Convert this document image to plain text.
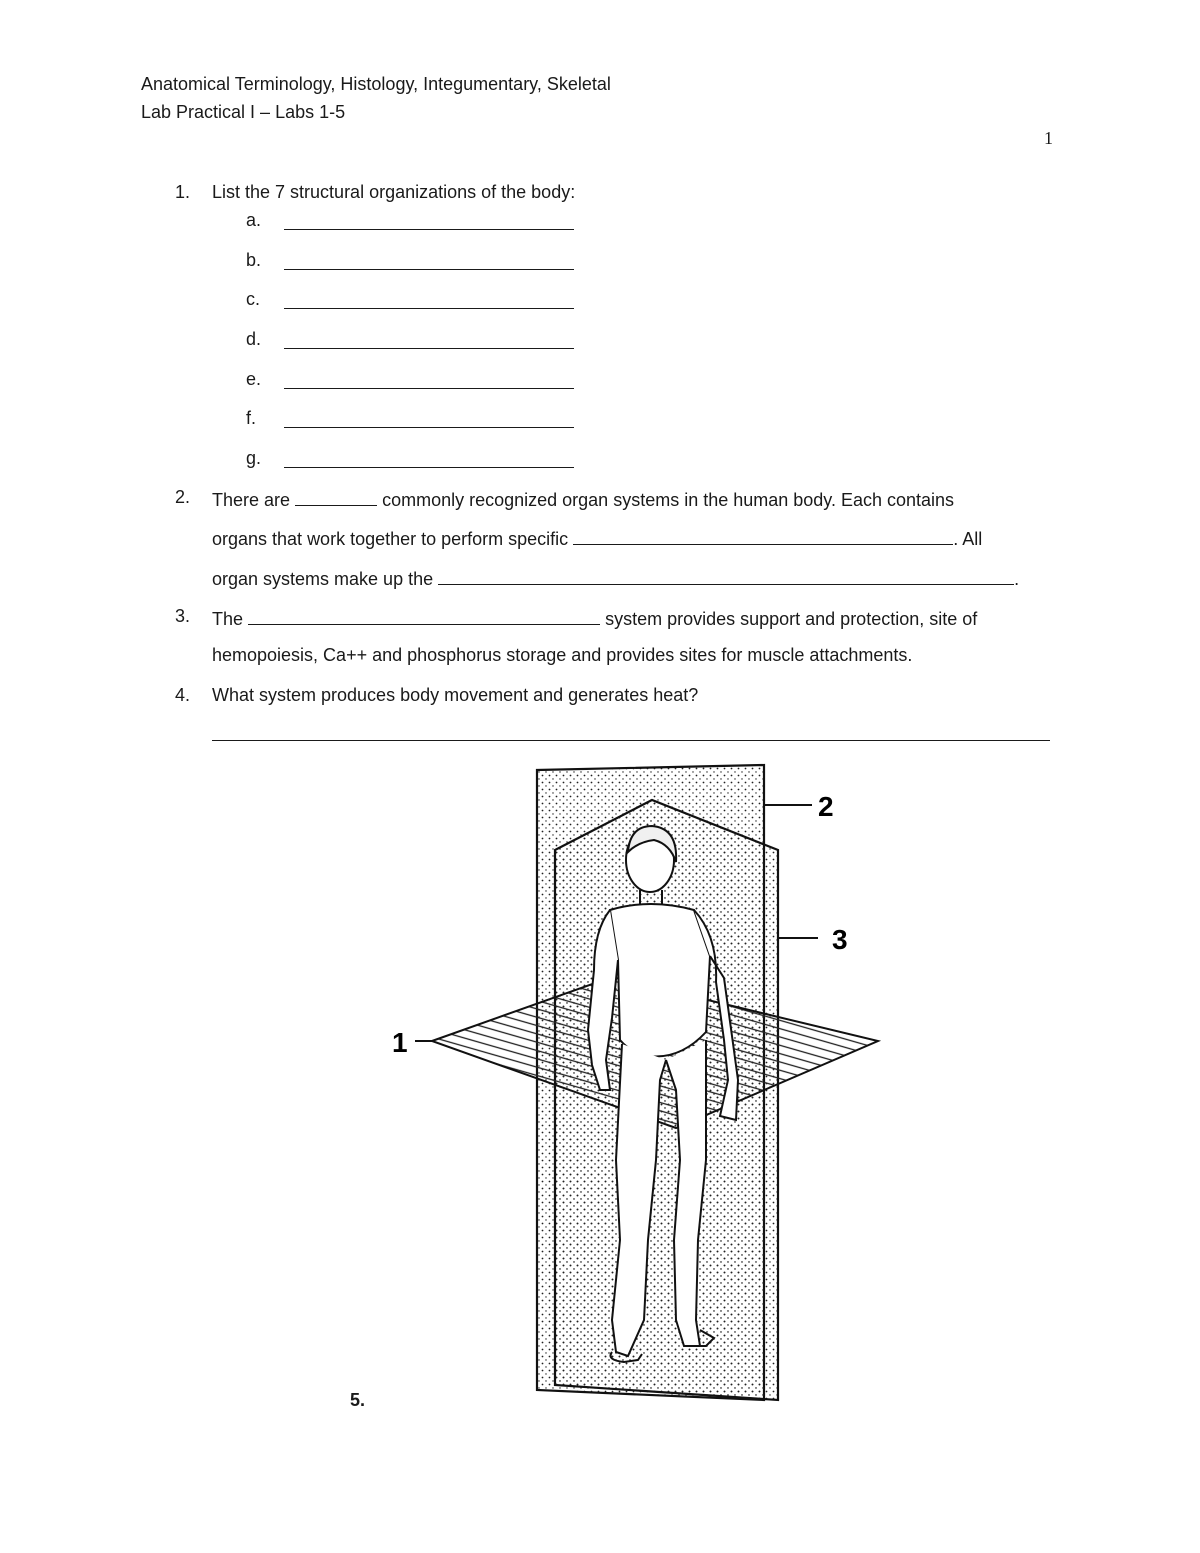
Anatomical Terminology, Histology, Integumentary, Skeletal
Lab Practical I – Labs 1-5
1
1. List the 7 structural organizations of the body:
a.
b.
c.
d.
e.
f.
g.
2. There are	commonly recognized organ systems in the human body. Each contains
organs that work together to perform specific	. All
organ systems make up the	.
3. The	system provides support and protection, site of
hemopoiesis, Ca++ and phosphorus storage and provides sites for muscle attachments.
4. What system produces body movement and generates heat?
1
2
3
5.
